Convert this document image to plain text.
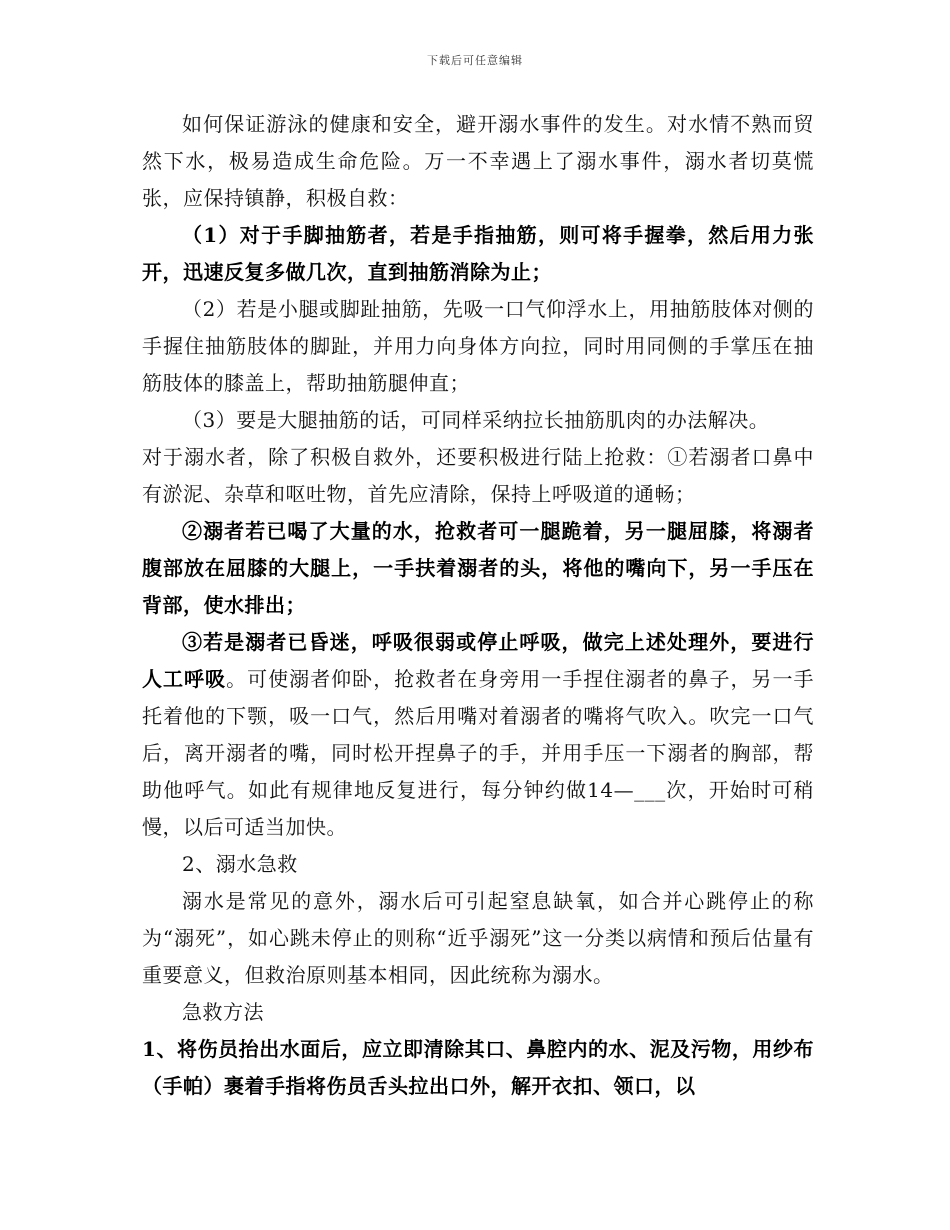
下载后可任意编辑

如何保证游泳的健康和安全，避开溺水事件的发生。对水情不熟而贸然下水，极易造成生命危险。万一不幸遇上了溺水事件，溺水者切莫慌张，应保持镇静，积极自救：

（1）对于手脚抽筋者，若是手指抽筋，则可将手握拳，然后用力张开，迅速反复多做几次，直到抽筋消除为止；

（2）若是小腿或脚趾抽筋，先吸一口气仰浮水上，用抽筋肢体对侧的手握住抽筋肢体的脚趾，并用力向身体方向拉，同时用同侧的手掌压在抽筋肢体的膝盖上，帮助抽筋腿伸直；

（3）要是大腿抽筋的话，可同样采纳拉长抽筋肌肉的办法解决。

对于溺水者，除了积极自救外，还要积极进行陆上抢救：①若溺者口鼻中有淤泥、杂草和呕吐物，首先应清除，保持上呼吸道的通畅；

②溺者若已喝了大量的水，抢救者可一腿跪着，另一腿屈膝，将溺者腹部放在屈膝的大腿上，一手扶着溺者的头，将他的嘴向下，另一手压在背部，使水排出；

③若是溺者已昏迷，呼吸很弱或停止呼吸，做完上述处理外，要进行人工呼吸。可使溺者仰卧，抢救者在身旁用一手捏住溺者的鼻子，另一手托着他的下颚，吸一口气，然后用嘴对着溺者的嘴将气吹入。吹完一口气后，离开溺者的嘴，同时松开捏鼻子的手，并用手压一下溺者的胸部，帮助他呼气。如此有规律地反复进行，每分钟约做14—___次，开始时可稍慢，以后可适当加快。

2、溺水急救

溺水是常见的意外，溺水后可引起窒息缺氧，如合并心跳停止的称为“溺死”，如心跳未停止的则称“近乎溺死”这一分类以病情和预后估量有重要意义，但救治原则基本相同，因此统称为溺水。

急救方法

1、将伤员抬出水面后，应立即清除其口、鼻腔内的水、泥及污物，用纱布（手帕）裹着手指将伤员舌头拉出口外，解开衣扣、领口，以
